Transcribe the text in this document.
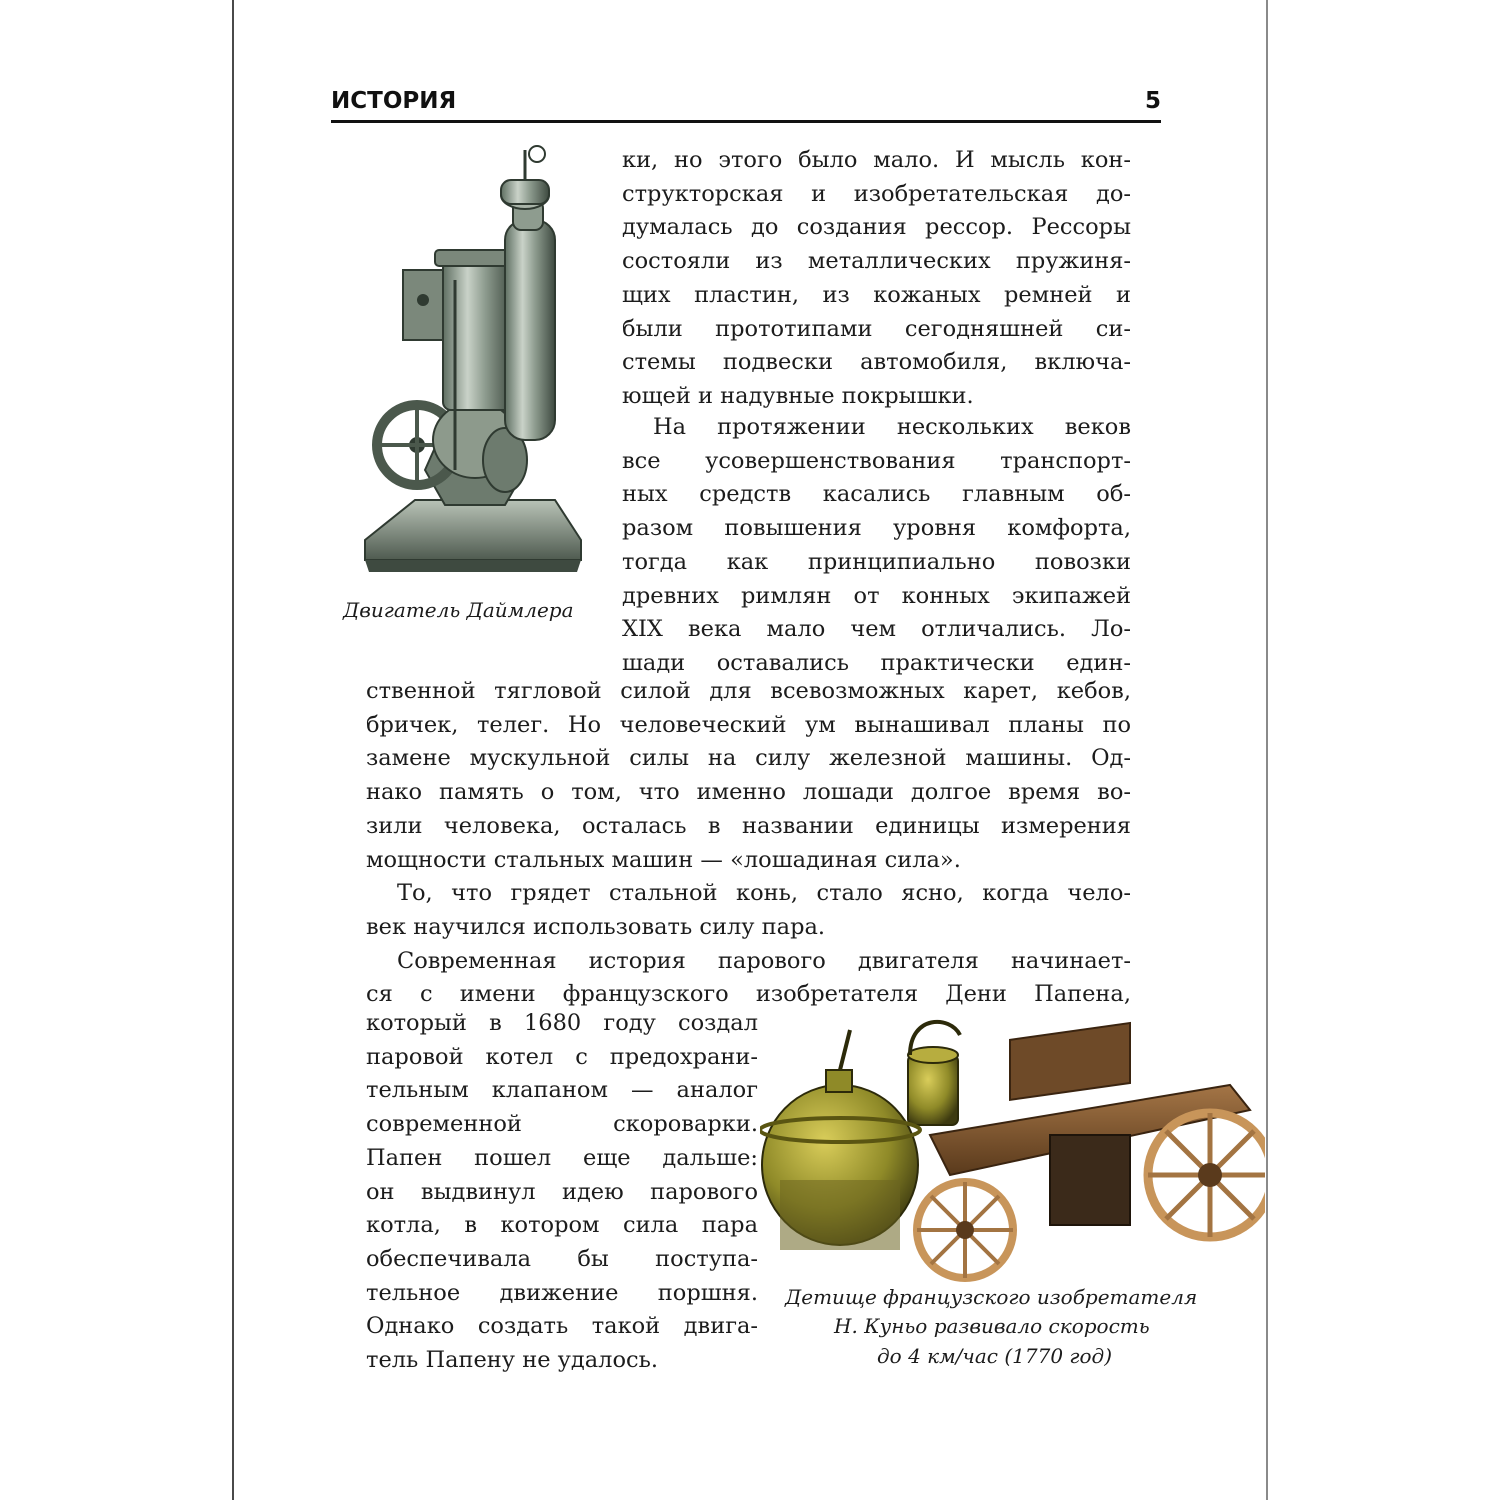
ИСТОРИЯ	5
Двигатель Даймлера
ки, но этого было мало. И мысль кон-
структорская и изобретательская до-
думалась до создания рессор. Рессоры
состояли из металлических пружиня-
щих пластин, из кожаных ремней и
были прототипами сегодняшней си-
стемы подвески автомобиля, включа-
ющей и надувные покрышки.
На протяжении нескольких веков
все усовершенствования транспорт-
ных средств касались главным об-
разом повышения уровня комфорта,
тогда как принципиально повозки
древних римлян от конных экипажей
XIX века мало чем отличались. Ло-
шади оставались практически един-
ственной тягловой силой для всевозможных карет, кебов,
бричек, телег. Но человеческий ум вынашивал планы по
замене мускульной силы на силу железной машины. Од-
нако память о том, что именно лошади долгое время во-
зили человека, осталась в названии единицы измерения
мощности стальных машин — «лошадиная сила».
То, что грядет стальной конь, стало ясно, когда чело-
век научился использовать силу пара.
Современная история парового двигателя начинает-
ся с имени французского изобретателя Дени Папена,
который в 1680 году создал
паровой котел с предохрани-
тельным клапаном — аналог
современной скороварки.
Папен пошел еще дальше:
он выдвинул идею парового
котла, в котором сила пара
обеспечивала бы поступа-
тельное движение поршня.
Однако создать такой двига-
тель Папену не удалось.
Детище французского изобретателя
Н. Куньо развивало скорость
до 4 км/час (1770 год)
